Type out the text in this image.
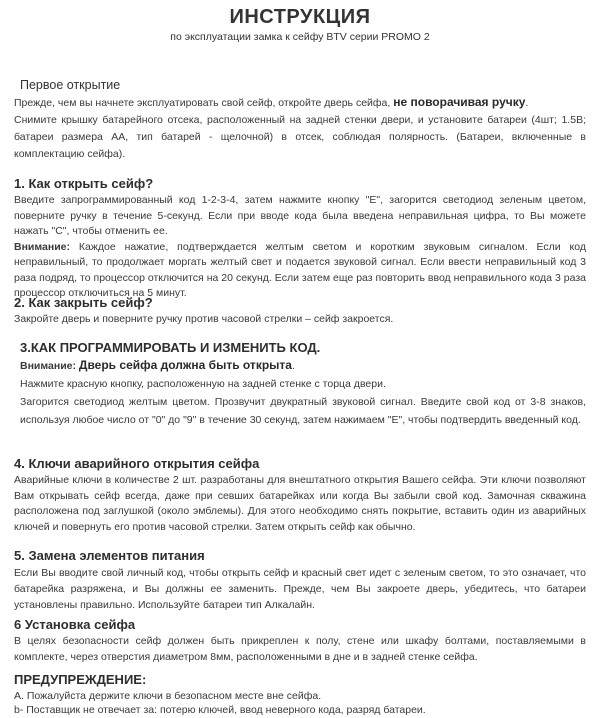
ИНСТРУКЦИЯ
по эксплуатации замка к сейфу BTV серии PROMO 2
Первое открытие

Прежде, чем вы начнете эксплуатировать свой сейф, откройте дверь сейфа, не поворачивая ручку.

Снимите крышку батарейного отсека, расположенный на задней стенки двери, и установите батареи (4шт; 1.5В; батареи размера АА, тип батарей - щелочной) в отсек, соблюдая полярность. (Батареи, включенные в комплектацию сейфа).

1. Как открыть сейф?

Введите запрограммированный код 1-2-3-4, затем нажмите кнопку "Е", загорится светодиод зеленым цветом, поверните ручку в течение 5-секунд. Если при вводе кода была введена неправильная цифра, то Вы можете нажать "С", чтобы отменить ее.

Внимание: Каждое нажатие, подтверждается желтым светом и коротким звуковым сигналом. Если код неправильный, то продолжает моргать желтый свет и подается звуковой сигнал. Если ввести неправильный код 3 раза подряд, то процессор отключится на 20 секунд. Если затем еще раз повторить ввод неправильного кода 3 раза процессор отключиться на 5 минут.

2. Как закрыть сейф?

Закройте дверь и поверните ручку против часовой стрелки – сейф закроется.

3.КАК ПРОГРАММИРОВАТЬ И ИЗМЕНИТЬ КОД.

Внимание: Дверь сейфа должна быть открыта.

Нажмите красную кнопку, расположенную на задней стенке с торца двери.

Загорится светодиод желтым цветом. Прозвучит двукратный звуковой сигнал. Введите свой код от 3-8 знаков, используя любое число от "0" до "9" в течение 30 секунд, затем нажимаем "Е", чтобы подтвердить введенный код.

4. Ключи аварийного открытия сейфа

Аварийные ключи в количестве 2 шт. разработаны для внештатного открытия Вашего сейфа. Эти ключи позволяют Вам открывать сейф всегда, даже при севших батарейках или когда Вы забыли свой код. Замочная скважина расположена под заглушкой (около эмблемы). Для этого необходимо снять покрытие, вставить один из аварийных ключей и повернуть его против часовой стрелки. Затем открыть сейф как обычно.

5. Замена элементов питания

Если Вы вводите свой личный код, чтобы открыть сейф и красный свет идет с зеленым светом, то это означает, что батарейка разряжена, и Вы должны ее заменить. Прежде, чем Вы закроете дверь, убедитесь, что батареи установлены правильно. Используйте батареи тип Алкалайн.

6 Установка сейфа

В целях безопасности сейф должен быть прикреплен к полу, стене или шкафу болтами, поставляемыми в комплекте, через отверстия диаметром 8мм, расположенными в дне и в задней стенке сейфа.

ПРЕДУПРЕЖДЕНИЕ:

А. Пожалуйста держите ключи в безопасном месте вне сейфа.

b- Поставщик не отвечает за: потерю ключей, ввод неверного кода, разряд батареи.
